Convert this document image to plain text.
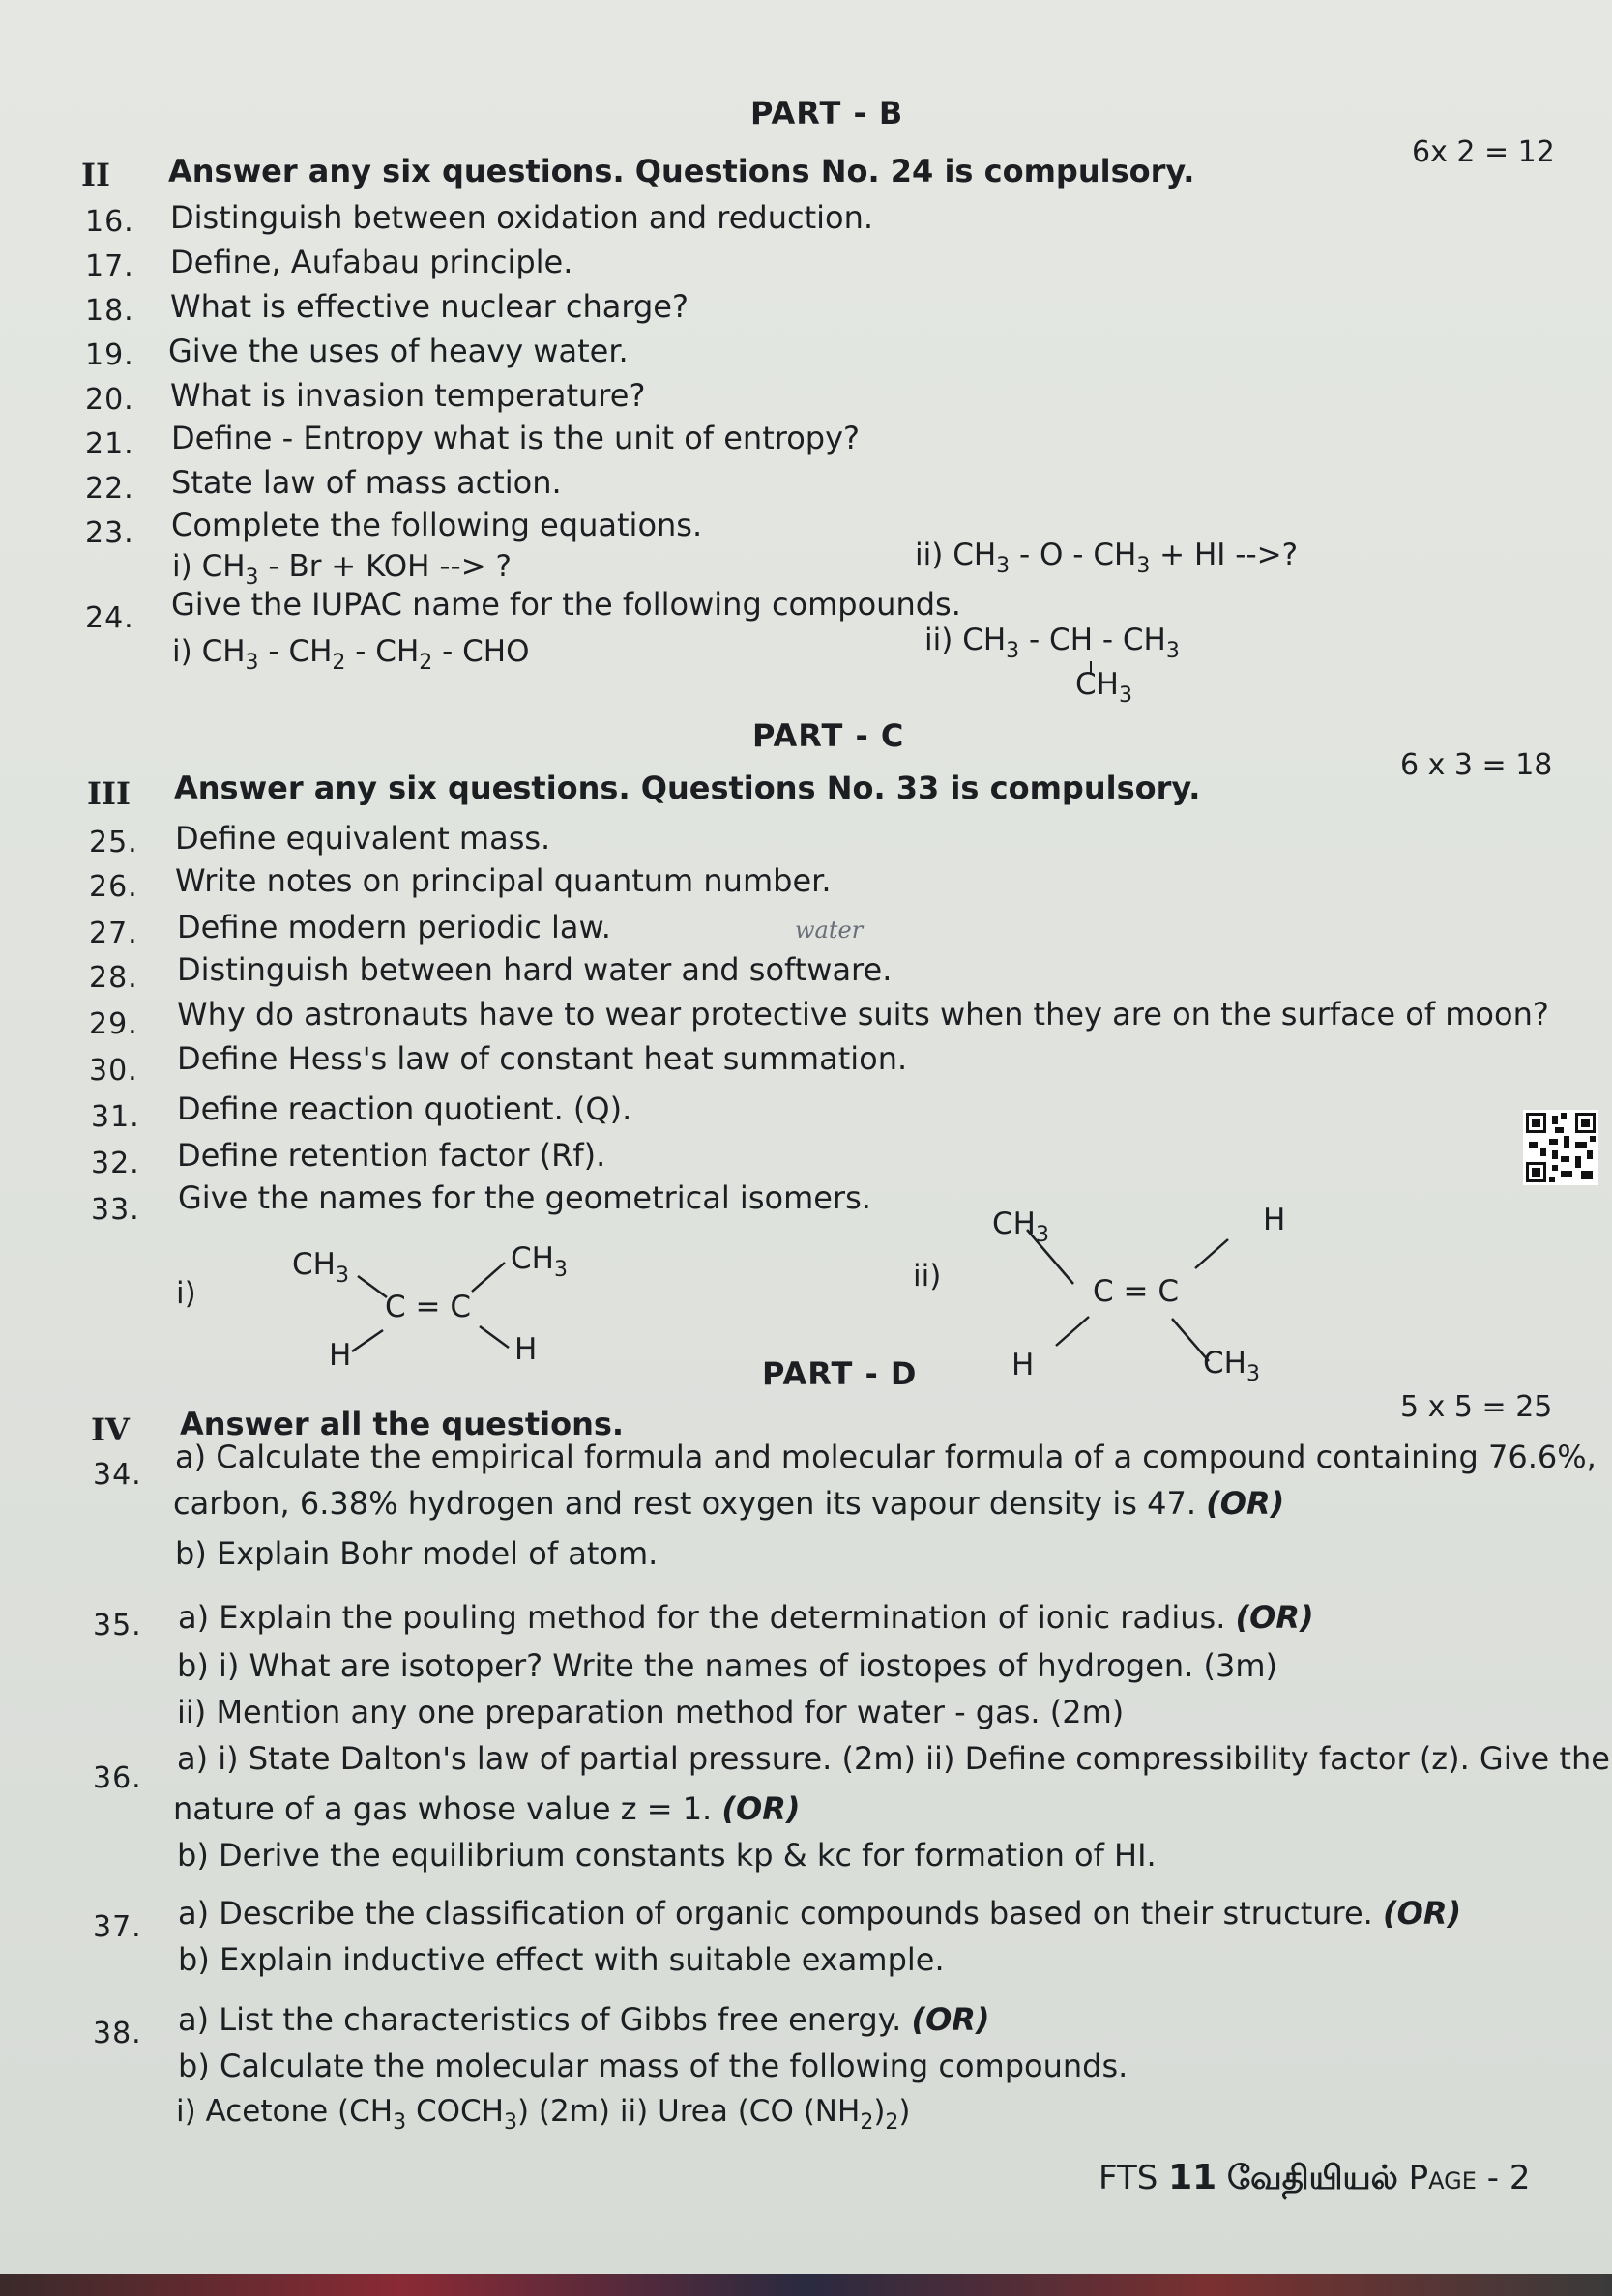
PART - B
II Answer any six questions. Questions No. 24 is compulsory.
6x 2 = 12
16. Distinguish between oxidation and reduction.
17. Define, Aufabau principle.
18. What is effective nuclear charge?
19. Give the uses of heavy water.
20. What is invasion temperature?
21. Define - Entropy what is the unit of entropy?
22. State law of mass action.
23. Complete the following equations.
i) $CH_3$ - Br + KOH --> ?	ii) $CH_3$ - O - $CH_3$ + HI -->?
24. Give the IUPAC name for the following compounds.
i) $CH_3 - CH_2 - CH_2$ - CHO	ii) $CH_3$ - CH - $CH_3$
$CH_3$
PART - C
III Answer any six questions. Questions No. 33 is compulsory.
6 x 3 = 18
25. Define equivalent mass.
26. Write notes on principal quantum number.
27. Define modern periodic law.	water
28. Distinguish between hard water and software.
29. Why do astronauts have to wear protective suits when they are on the surface of moon?
30. Define Hess's law of constant heat summation.
31. Define reaction quotient. (Q).
32. Define retention factor (Rf).
33. Give the names for the geometrical isomers.
i)
$CH_3$	$CH_3$
C = C
H	H
ii)
$CH_3$	H
C = C
H	$CH_3$
PART - D
IV Answer all the questions.	5 x 5 = 25
34. a) Calculate the empirical formula and molecular formula of a compound containing 76.6%,
carbon, 6.38% hydrogen and rest oxygen its vapour density is 47. (OR)
b) Explain Bohr model of atom.
35. a) Explain the pouling method for the determination of ionic radius. (OR)
b) i) What are isotoper? Write the names of iostopes of hydrogen. (3m)
ii) Mention any one preparation method for water - gas. (2m)
36.
a) i) State Dalton's law of partial pressure. (2m) ii) Define compressibility factor (z). Give the
nature of a gas whose value z = 1. (OR)
b) Derive the equilibrium constants kp & kc for formation of HI.
37. a) Describe the classification of organic compounds based on their structure. (OR)
b) Explain inductive effect with suitable example.
38. a) List the characteristics of Gibbs free energy. (OR)
b) Calculate the molecular mass of the following compounds.
i) Acetone ($CH_3$ $COCH_3$) (2m) ii) Urea (CO $(NH_2)_2$)
FTS 11 வேதியியல் Page - 2
